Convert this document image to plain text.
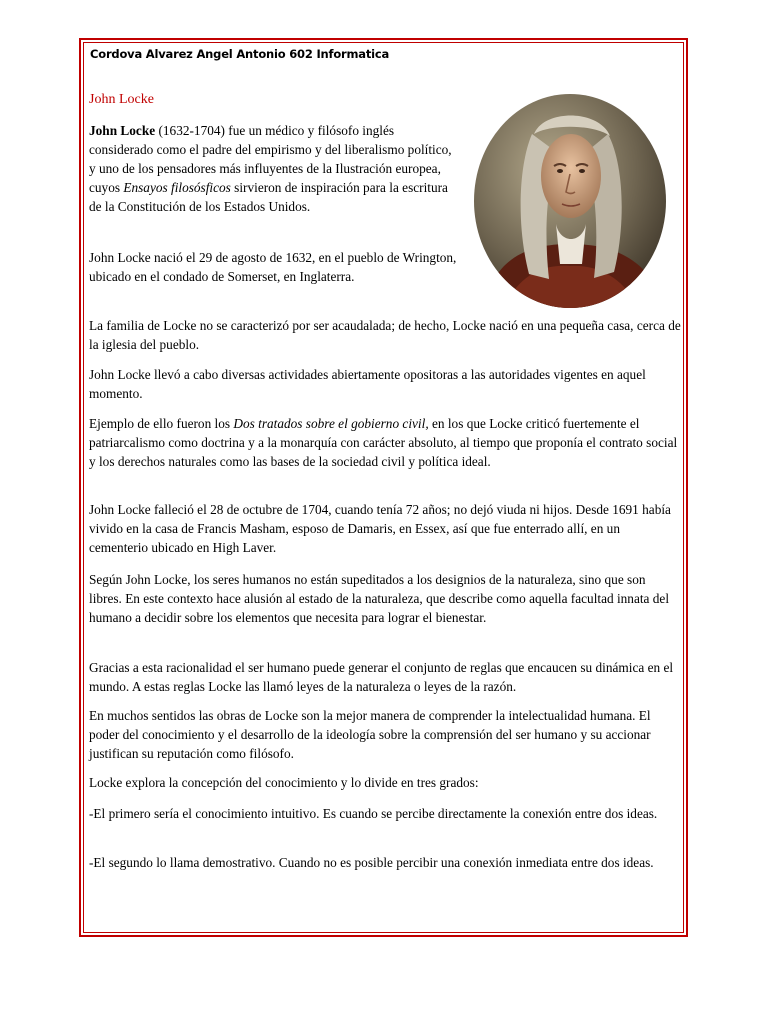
Cordova Alvarez Angel Antonio 602 Informatica
John Locke

John Locke (1632-1704) fue un médico y filósofo inglés considerado como el padre del empirismo y del liberalismo político, y uno de los pensadores más influyentes de la Ilustración europea, cuyos Ensayos filosósficos sirvieron de inspiración para la escritura de la Constitución de los Estados Unidos.

John Locke nació el 29 de agosto de 1632, en el pueblo de Wrington, ubicado en el condado de Somerset, en Inglaterra.

La familia de Locke no se caracterizó por ser acaudalada; de hecho, Locke nació en una pequeña casa, cerca de la iglesia del pueblo.

John Locke llevó a cabo diversas actividades abiertamente opositoras a las autoridades vigentes en aquel momento.

Ejemplo de ello fueron los Dos tratados sobre el gobierno civil, en los que Locke criticó fuertemente el patriarcalismo como doctrina y a la monarquía con carácter absoluto, al tiempo que proponía el contrato social y los derechos naturales como las bases de la sociedad civil y política ideal.

John Locke falleció el 28 de octubre de 1704, cuando tenía 72 años; no dejó viuda ni hijos. Desde 1691 había vivido en la casa de Francis Masham, esposo de Damaris, en Essex, así que fue enterrado allí, en un cementerio ubicado en High Laver.

Según John Locke, los seres humanos no están supeditados a los designios de la naturaleza, sino que son libres. En este contexto hace alusión al estado de la naturaleza, que describe como aquella facultad innata del humano a decidir sobre los elementos que necesita para lograr el bienestar.

Gracias a esta racionalidad el ser humano puede generar el conjunto de reglas que encaucen su dinámica en el mundo. A estas reglas Locke las llamó leyes de la naturaleza o leyes de la razón.

En muchos sentidos las obras de Locke son la mejor manera de comprender la intelectualidad humana. El poder del conocimiento y el desarrollo de la ideología sobre la comprensión del ser humano y su accionar justifican su reputación como filósofo.

Locke explora la concepción del conocimiento y lo divide en tres grados:

-El primero sería el conocimiento intuitivo. Es cuando se percibe directamente la conexión entre dos ideas.

-El segundo lo llama demostrativo. Cuando no es posible percibir una conexión inmediata entre dos ideas.
